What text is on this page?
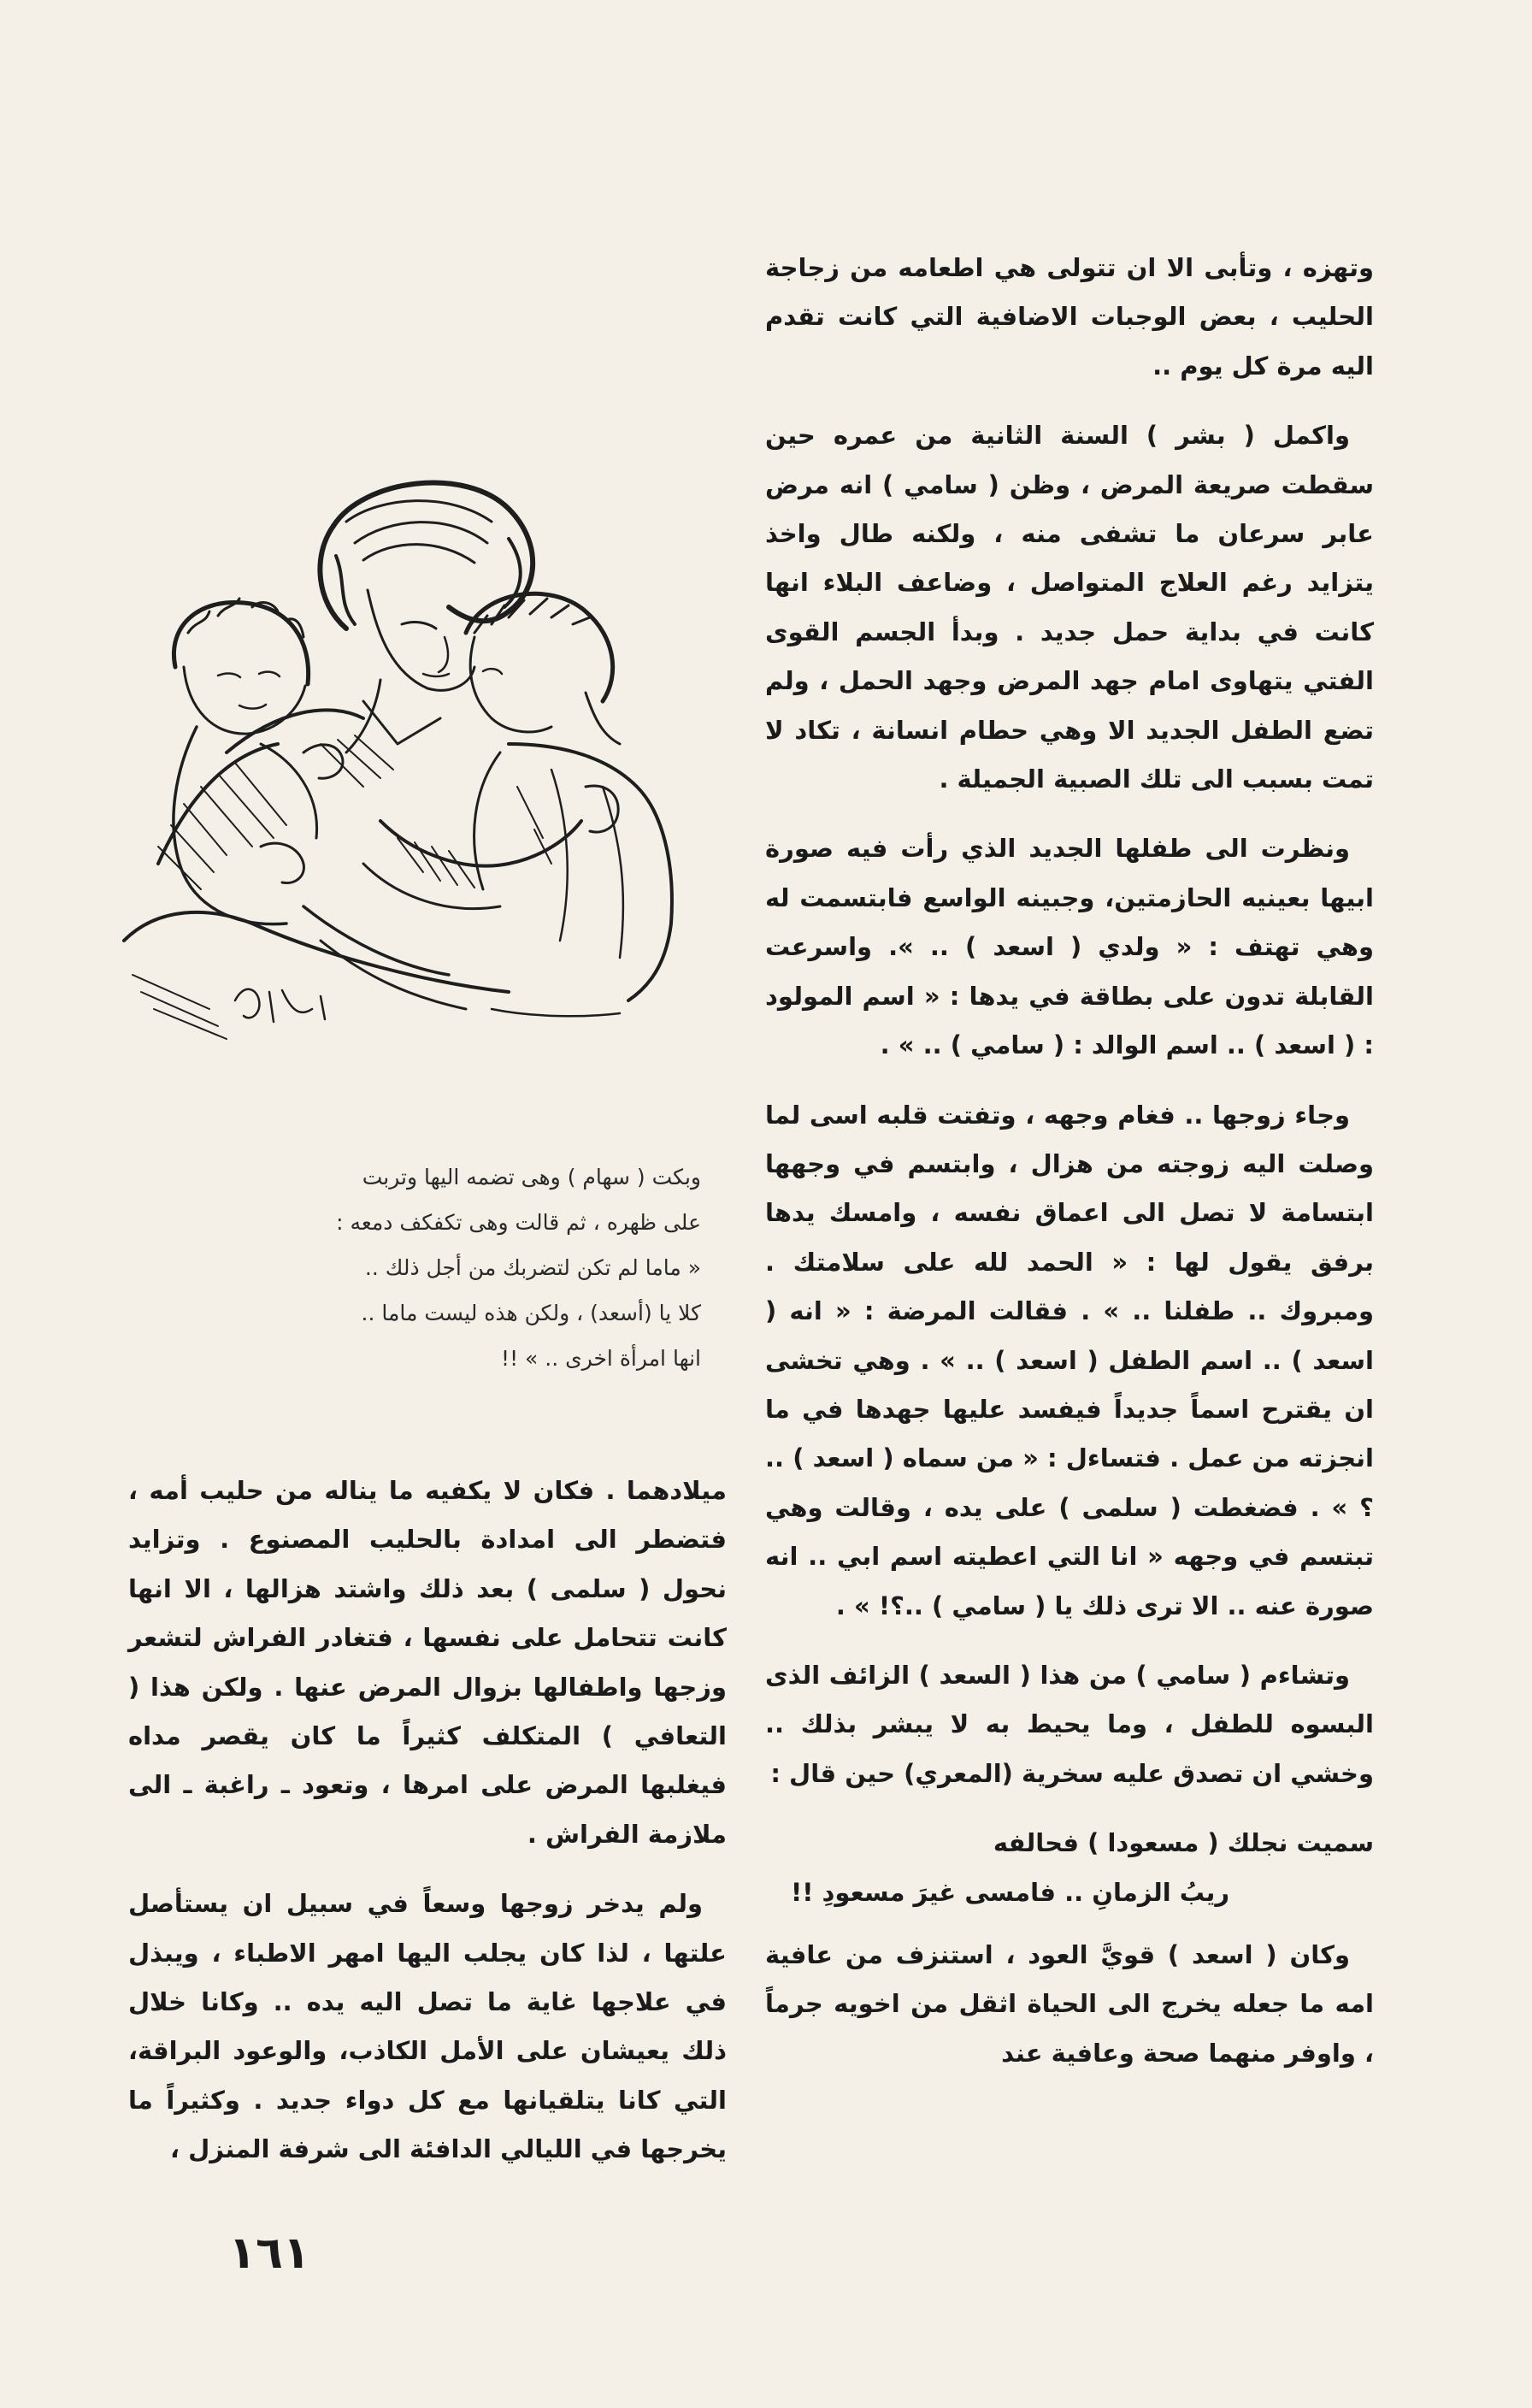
وتهزه ، وتأبى الا ان تتولى هي اطعامه من زجاجة الحليب ، بعض الوجبات الاضافية التي كانت تقدم اليه مرة كل يوم ..

واكمل ( بشر ) السنة الثانية من عمره حين سقطت صريعة المرض ، وظن ( سامي ) انه مرض عابر سرعان ما تشفى منه ، ولكنه طال واخذ يتزايد رغم العلاج المتواصل ، وضاعف البلاء انها كانت في بداية حمل جديد . وبدأ الجسم القوى الفتي يتهاوى امام جهد المرض وجهد الحمل ، ولم تضع الطفل الجديد الا وهي حطام انسانة ، تكاد لا تمت بسبب الى تلك الصبية الجميلة .

ونظرت الى طفلها الجديد الذي رأت فيه صورة ابيها بعينيه الحازمتين، وجبينه الواسع فابتسمت له وهي تهتف : « ولدي ( اسعد ) .. ». واسرعت القابلة تدون على بطاقة في يدها : « اسم المولود : ( اسعد ) .. اسم الوالد : ( سامي ) .. » .

وجاء زوجها .. فغام وجهه ، وتفتت قلبه اسى لما وصلت اليه زوجته من هزال ، وابتسم في وجهها ابتسامة لا تصل الى اعماق نفسه ، وامسك يدها برفق يقول لها : « الحمد لله على سلامتك . ومبروك .. طفلنا .. » . فقالت المرضة : « انه ( اسعد ) .. اسم الطفل ( اسعد ) .. » . وهي تخشى ان يقترح اسماً جديداً فيفسد عليها جهدها في ما انجزته من عمل . فتساءل : « من سماه ( اسعد ) .. ؟ » . فضغطت ( سلمى ) على يده ، وقالت وهي تبتسم في وجهه « انا التي اعطيته اسم ابي .. انه صورة عنه .. الا ترى ذلك يا ( سامي ) ..؟! » .

وتشاءم ( سامي ) من هذا ( السعد ) الزائف الذى البسوه للطفل ، وما يحيط به لا يبشر بذلك .. وخشي ان تصدق عليه سخرية (المعري) حين قال :

سميت نجلك ( مسعودا ) فحالفه

ريبُ الزمانِ .. فامسى غيرَ مسعودِ !!

وكان ( اسعد ) قويَّ العود ، استنزف من عافية امه ما جعله يخرج الى الحياة اثقل من اخويه جرماً ، واوفر منهما صحة وعافية عند

وبكت ( سهام ) وهى تضمه اليها وتربت
على ظهره ، ثم قالت وهى تكفكف دمعه :
« ماما لم تكن لتضربك من أجل ذلك ..
كلا يا (أسعد) ، ولكن هذه ليست ماما ..
انها امرأة اخرى .. » !!

ميلادهما . فكان لا يكفيه ما يناله من حليب أمه ، فتضطر الى امدادة بالحليب المصنوع . وتزايد نحول ( سلمى ) بعد ذلك واشتد هزالها ، الا انها كانت تتحامل على نفسها ، فتغادر الفراش لتشعر وزجها واطفالها بزوال المرض عنها . ولكن هذا ( التعافي ) المتكلف كثيراً ما كان يقصر مداه فيغلبها المرض على امرها ، وتعود ـ راغبة ـ الى ملازمة الفراش .

ولم يدخر زوجها وسعاً في سبيل ان يستأصل علتها ، لذا كان يجلب اليها امهر الاطباء ، ويبذل في علاجها غاية ما تصل اليه يده .. وكانا خلال ذلك يعيشان على الأمل الكاذب، والوعود البراقة، التي كانا يتلقيانها مع كل دواء جديد . وكثيراً ما يخرجها في الليالي الدافئة الى شرفة المنزل ،

١٦١
